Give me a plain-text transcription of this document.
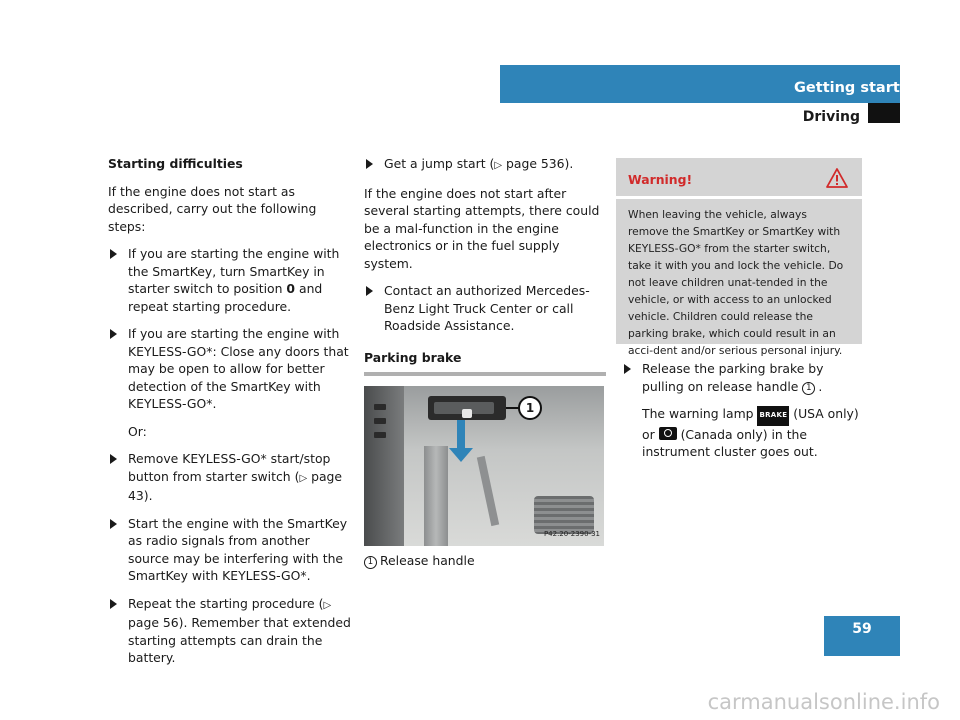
Getting started
Driving
Starting difficulties
If the engine does not start as described, carry out the following steps:
If you are starting the engine with the SmartKey, turn SmartKey in starter switch to position 0 and repeat starting procedure.
If you are starting the engine with KEYLESS-GO*: Close any doors that may be open to allow for better detection of the SmartKey with KEYLESS-GO*.
Or:
Remove KEYLESS-GO* start/stop button from starter switch (▷ page 43).
Start the engine with the SmartKey as radio signals from another source may be interfering with the SmartKey with KEYLESS-GO*.
Repeat the starting procedure (▷ page 56). Remember that extended starting attempts can drain the battery.
Get a jump start (▷ page 536).
If the engine does not start after several starting attempts, there could be a mal-function in the engine electronics or in the fuel supply system.
Contact an authorized Mercedes-Benz Light Truck Center or call Roadside Assistance.
Parking brake
1
P42.20-2390-31
1 Release handle
Warning!
When leaving the vehicle, always remove the SmartKey or SmartKey with KEYLESS-GO* from the starter switch, take it with you and lock the vehicle. Do not leave children unat-tended in the vehicle, or with access to an unlocked vehicle. Children could release the parking brake, which could result in an acci-dent and/or serious personal injury.
Release the parking brake by pulling on release handle 1 .
The warning lamp BRAKE (USA only) or  (Canada only) in the instrument cluster goes out.
59
carmanualsonline.info
